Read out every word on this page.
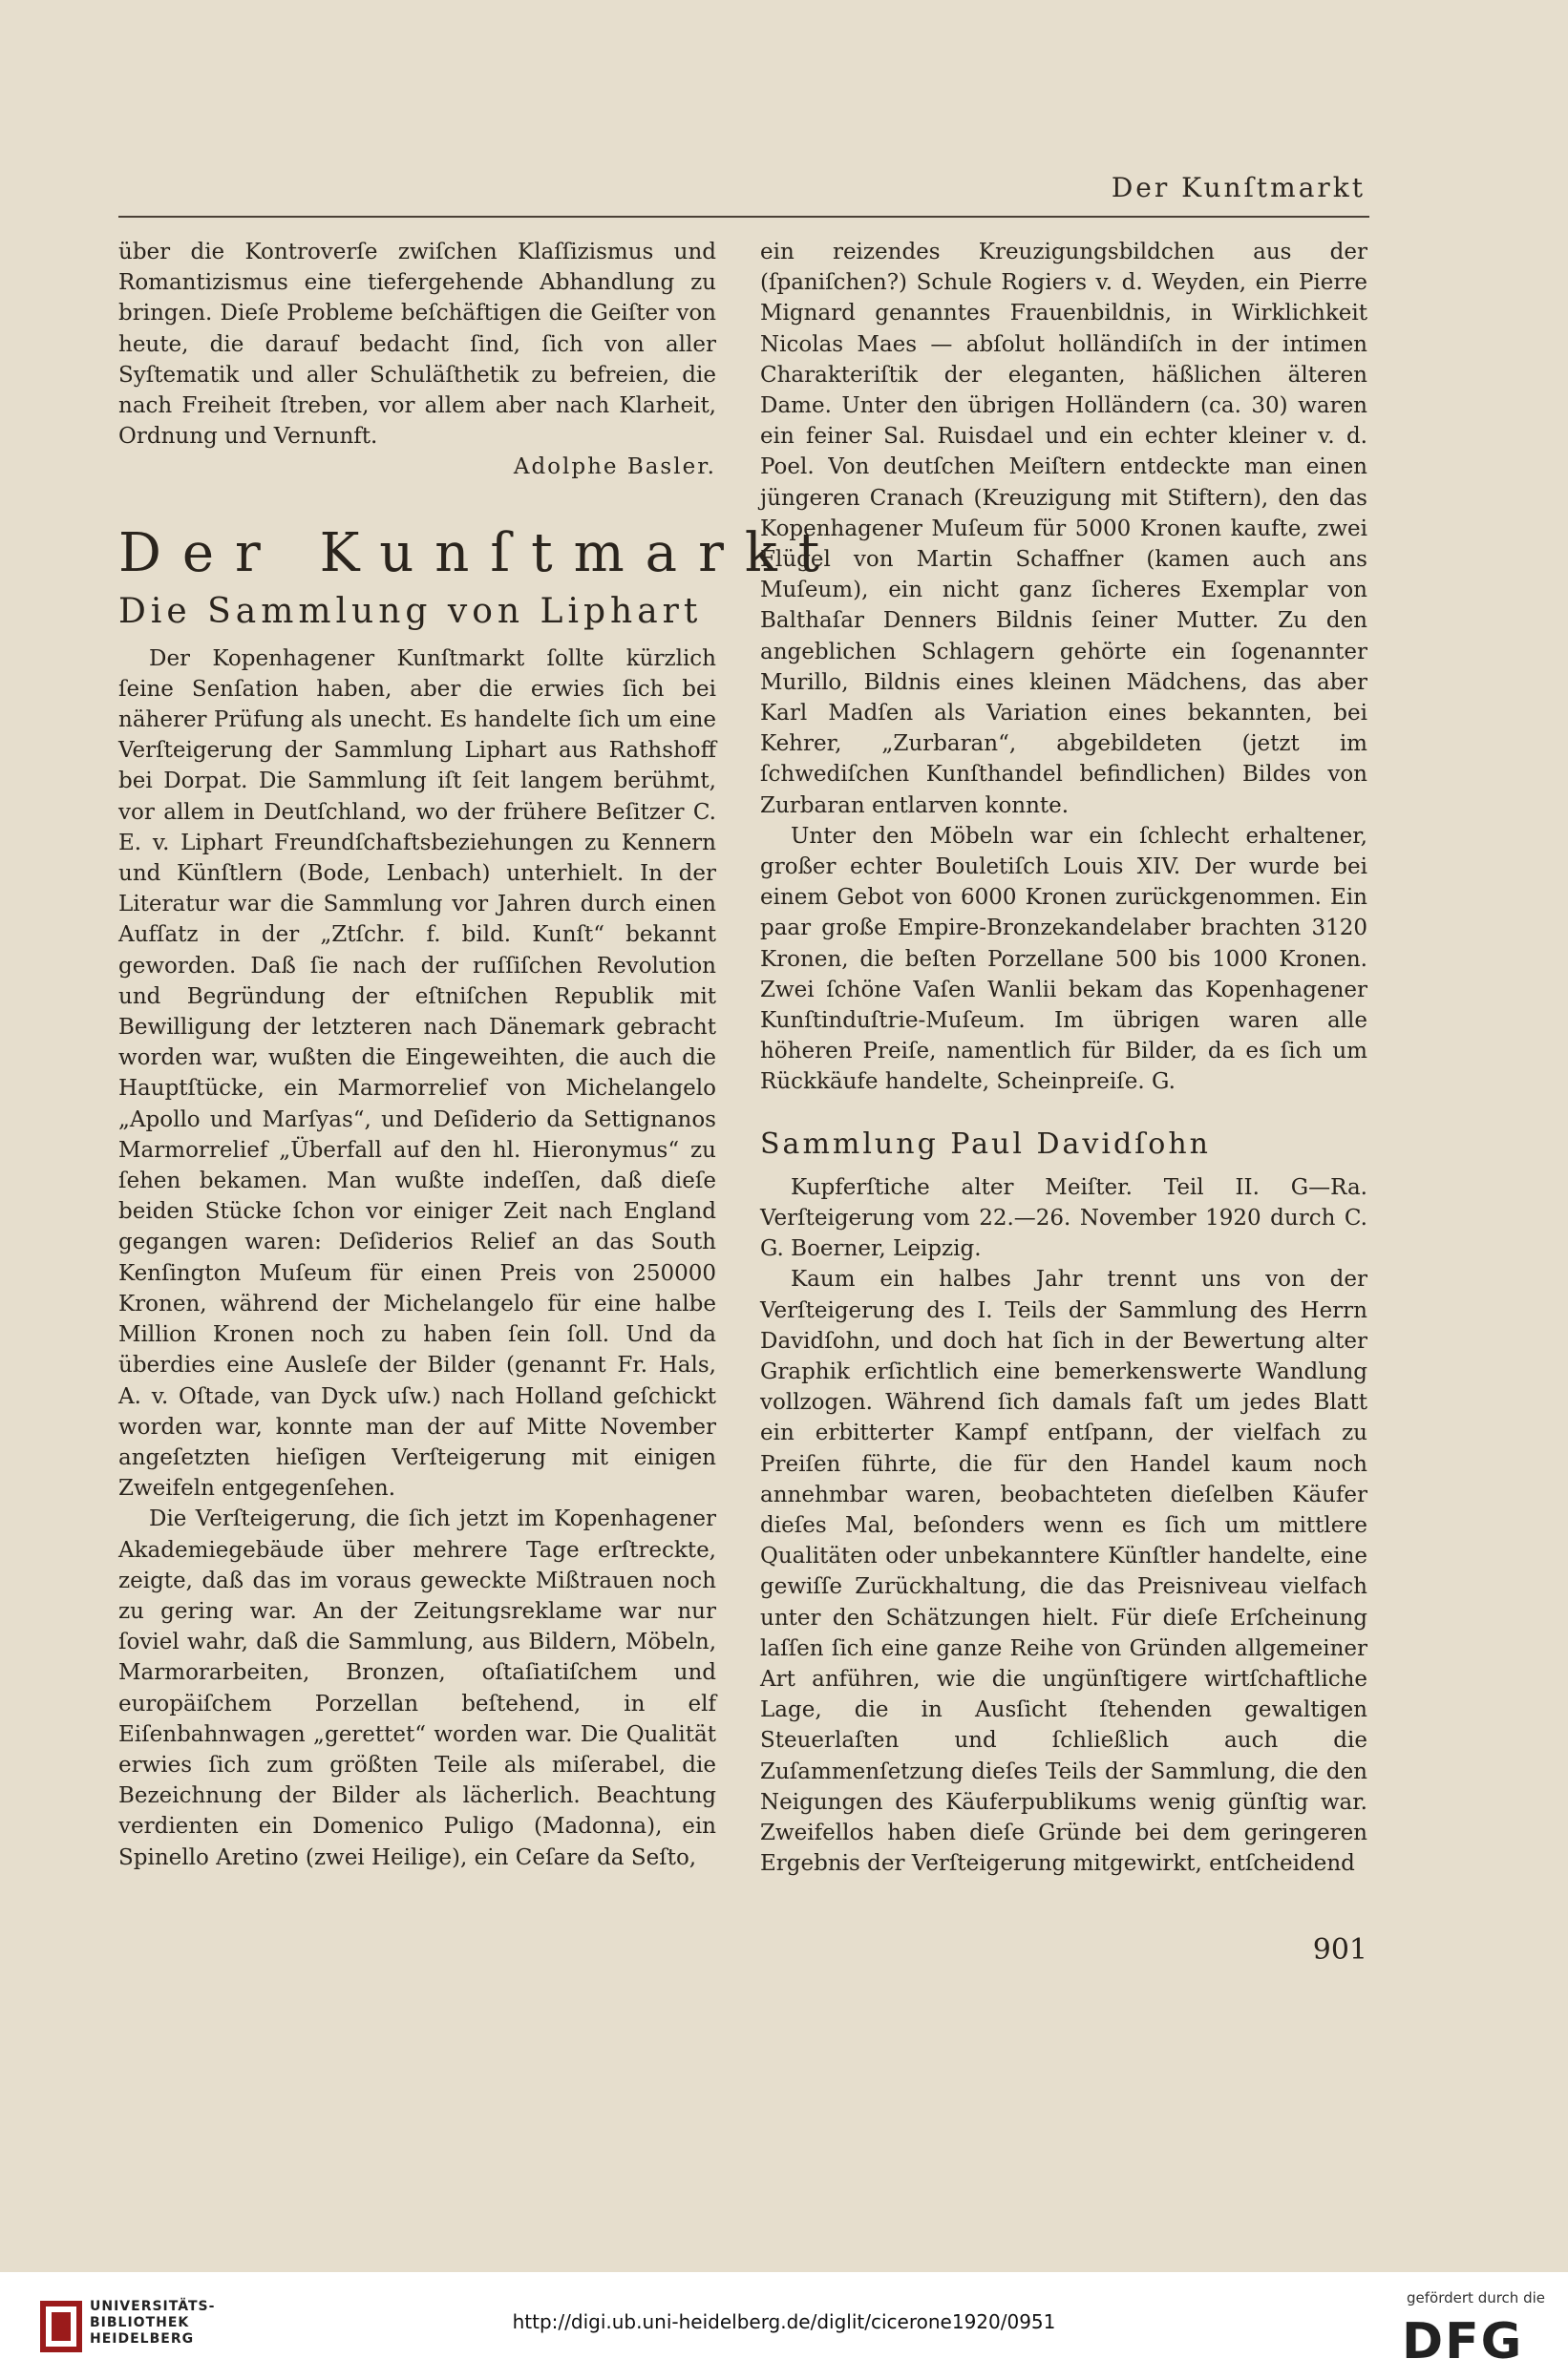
Der Kunſtmarkt

über die Kontroverſe zwiſchen Klaſſizismus und Romantizismus eine tiefergehende Abhandlung zu bringen. Dieſe Probleme beſchäftigen die Geiſter von heute, die darauf bedacht ſind, ſich von aller Syſtematik und aller Schuläſthetik zu befreien, die nach Freiheit ſtreben, vor allem aber nach Klarheit, Ordnung und Vernunft.

Adolphe Basler.

Der Kunſtmarkt
Die Sammlung von Liphart

Der Kopenhagener Kunſtmarkt ſollte kürzlich ſeine Senſation haben, aber die erwies ſich bei näherer Prüfung als unecht. Es handelte ſich um eine Verſteigerung der Sammlung Liphart aus Rathshoff bei Dorpat. Die Sammlung iſt ſeit langem berühmt, vor allem in Deutſchland, wo der frühere Beſitzer C. E. v. Liphart Freundſchaftsbeziehungen zu Kennern und Künſtlern (Bode, Lenbach) unterhielt. In der Literatur war die Sammlung vor Jahren durch einen Aufſatz in der „Ztſchr. f. bild. Kunſt“ bekannt geworden. Daß ſie nach der ruſſiſchen Revolution und Begründung der eſtniſchen Republik mit Bewilligung der letzteren nach Dänemark gebracht worden war, wußten die Eingeweihten, die auch die Hauptſtücke, ein Marmorrelief von Michelangelo „Apollo und Marſyas“, und Deſiderio da Settignanos Marmorrelief „Überfall auf den hl. Hieronymus“ zu ſehen bekamen. Man wußte indeſſen, daß dieſe beiden Stücke ſchon vor einiger Zeit nach England gegangen waren: Deſiderios Relief an das South Kenſington Muſeum für einen Preis von 250000 Kronen, während der Michelangelo für eine halbe Million Kronen noch zu haben ſein ſoll. Und da überdies eine Ausleſe der Bilder (genannt Fr. Hals, A. v. Oſtade, van Dyck uſw.) nach Holland geſchickt worden war, konnte man der auf Mitte November angeſetzten hieſigen Verſteigerung mit einigen Zweifeln entgegenſehen.

Die Verſteigerung, die ſich jetzt im Kopenhagener Akademiegebäude über mehrere Tage erſtreckte, zeigte, daß das im voraus geweckte Mißtrauen noch zu gering war. An der Zeitungsreklame war nur ſoviel wahr, daß die Sammlung, aus Bildern, Möbeln, Marmorarbeiten, Bronzen, oſtaſiatiſchem und europäiſchem Porzellan beſtehend, in elf Eiſenbahnwagen „gerettet“ worden war. Die Qualität erwies ſich zum größten Teile als miſerabel, die Bezeichnung der Bilder als lächerlich. Beachtung verdienten ein Domenico Puligo (Madonna), ein Spinello Aretino (zwei Heilige), ein Ceſare da Seſto,

ein reizendes Kreuzigungsbildchen aus der (ſpaniſchen?) Schule Rogiers v. d. Weyden, ein Pierre Mignard genanntes Frauenbildnis, in Wirklichkeit Nicolas Maes — abſolut holländiſch in der intimen Charakteriſtik der eleganten, häßlichen älteren Dame. Unter den übrigen Holländern (ca. 30) waren ein feiner Sal. Ruisdael und ein echter kleiner v. d. Poel. Von deutſchen Meiſtern entdeckte man einen jüngeren Cranach (Kreuzigung mit Stiftern), den das Kopenhagener Muſeum für 5000 Kronen kaufte, zwei Flügel von Martin Schaffner (kamen auch ans Muſeum), ein nicht ganz ſicheres Exemplar von Balthaſar Denners Bildnis ſeiner Mutter. Zu den angeblichen Schlagern gehörte ein ſogenannter Murillo, Bildnis eines kleinen Mädchens, das aber Karl Madſen als Variation eines bekannten, bei Kehrer, „Zurbaran“, abgebildeten (jetzt im ſchwediſchen Kunſthandel befindlichen) Bildes von Zurbaran entlarven konnte.

Unter den Möbeln war ein ſchlecht erhaltener, großer echter Bouletiſch Louis XIV. Der wurde bei einem Gebot von 6000 Kronen zurückgenommen. Ein paar große Empire-Bronzekandelaber brachten 3120 Kronen, die beſten Porzellane 500 bis 1000 Kronen. Zwei ſchöne Vaſen Wanlii bekam das Kopenhagener Kunſtinduſtrie-Muſeum. Im übrigen waren alle höheren Preiſe, namentlich für Bilder, da es ſich um Rückkäufe handelte, Scheinpreiſe. G.

Sammlung Paul Davidſohn

Kupferſtiche alter Meiſter. Teil II. G—Ra. Verſteigerung vom 22.—26. November 1920 durch C. G. Boerner, Leipzig.

Kaum ein halbes Jahr trennt uns von der Verſteigerung des I. Teils der Sammlung des Herrn Davidſohn, und doch hat ſich in der Bewertung alter Graphik erſichtlich eine bemerkenswerte Wandlung vollzogen. Während ſich damals faſt um jedes Blatt ein erbitterter Kampf entſpann, der vielfach zu Preiſen führte, die für den Handel kaum noch annehmbar waren, beobachteten dieſelben Käufer dieſes Mal, beſonders wenn es ſich um mittlere Qualitäten oder unbekanntere Künſtler handelte, eine gewiſſe Zurückhaltung, die das Preisniveau vielfach unter den Schätzungen hielt. Für dieſe Erſcheinung laſſen ſich eine ganze Reihe von Gründen allgemeiner Art anführen, wie die ungünſtigere wirtſchaftliche Lage, die in Ausſicht ſtehenden gewaltigen Steuerlaſten und ſchließlich auch die Zuſammenſetzung dieſes Teils der Sammlung, die den Neigungen des Käuferpublikums wenig günſtig war. Zweifellos haben dieſe Gründe bei dem geringeren Ergebnis der Verſteigerung mitgewirkt, entſcheidend

901
UNIVERSITÄTS-
BIBLIOTHEK
HEIDELBERG
http://digi.ub.uni-heidelberg.de/diglit/cicerone1920/0951
gefördert durch die
DFG
